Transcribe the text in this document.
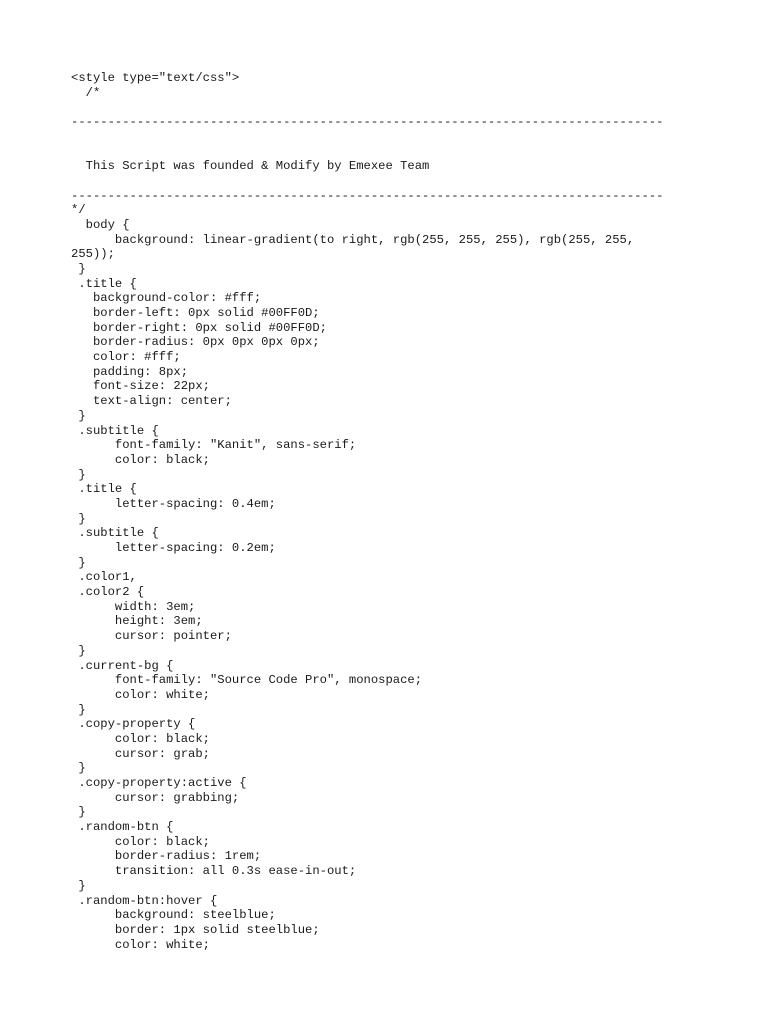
<style type="text/css">
/*
---------------------------------------------------------------------------------
This Script was founded & Modify by Emexee Team
---------------------------------------------------------------------------------
*/
body {
background: linear-gradient(to right, rgb(255, 255, 255), rgb(255, 255,
255));
}
.title {
background-color: #fff;
border-left: 0px solid #00FF0D;
border-right: 0px solid #00FF0D;
border-radius: 0px 0px 0px 0px;
color: #fff;
padding: 8px;
font-size: 22px;
text-align: center;
}
.subtitle {
font-family: "Kanit", sans-serif;
color: black;
}
.title {
letter-spacing: 0.4em;
}
.subtitle {
letter-spacing: 0.2em;
}
.color1,
.color2 {
width: 3em;
height: 3em;
cursor: pointer;
}
.current-bg {
font-family: "Source Code Pro", monospace;
color: white;
}
.copy-property {
color: black;
cursor: grab;
}
.copy-property:active {
cursor: grabbing;
}
.random-btn {
color: black;
border-radius: 1rem;
transition: all 0.3s ease-in-out;
}
.random-btn:hover {
background: steelblue;
border: 1px solid steelblue;
color: white;
